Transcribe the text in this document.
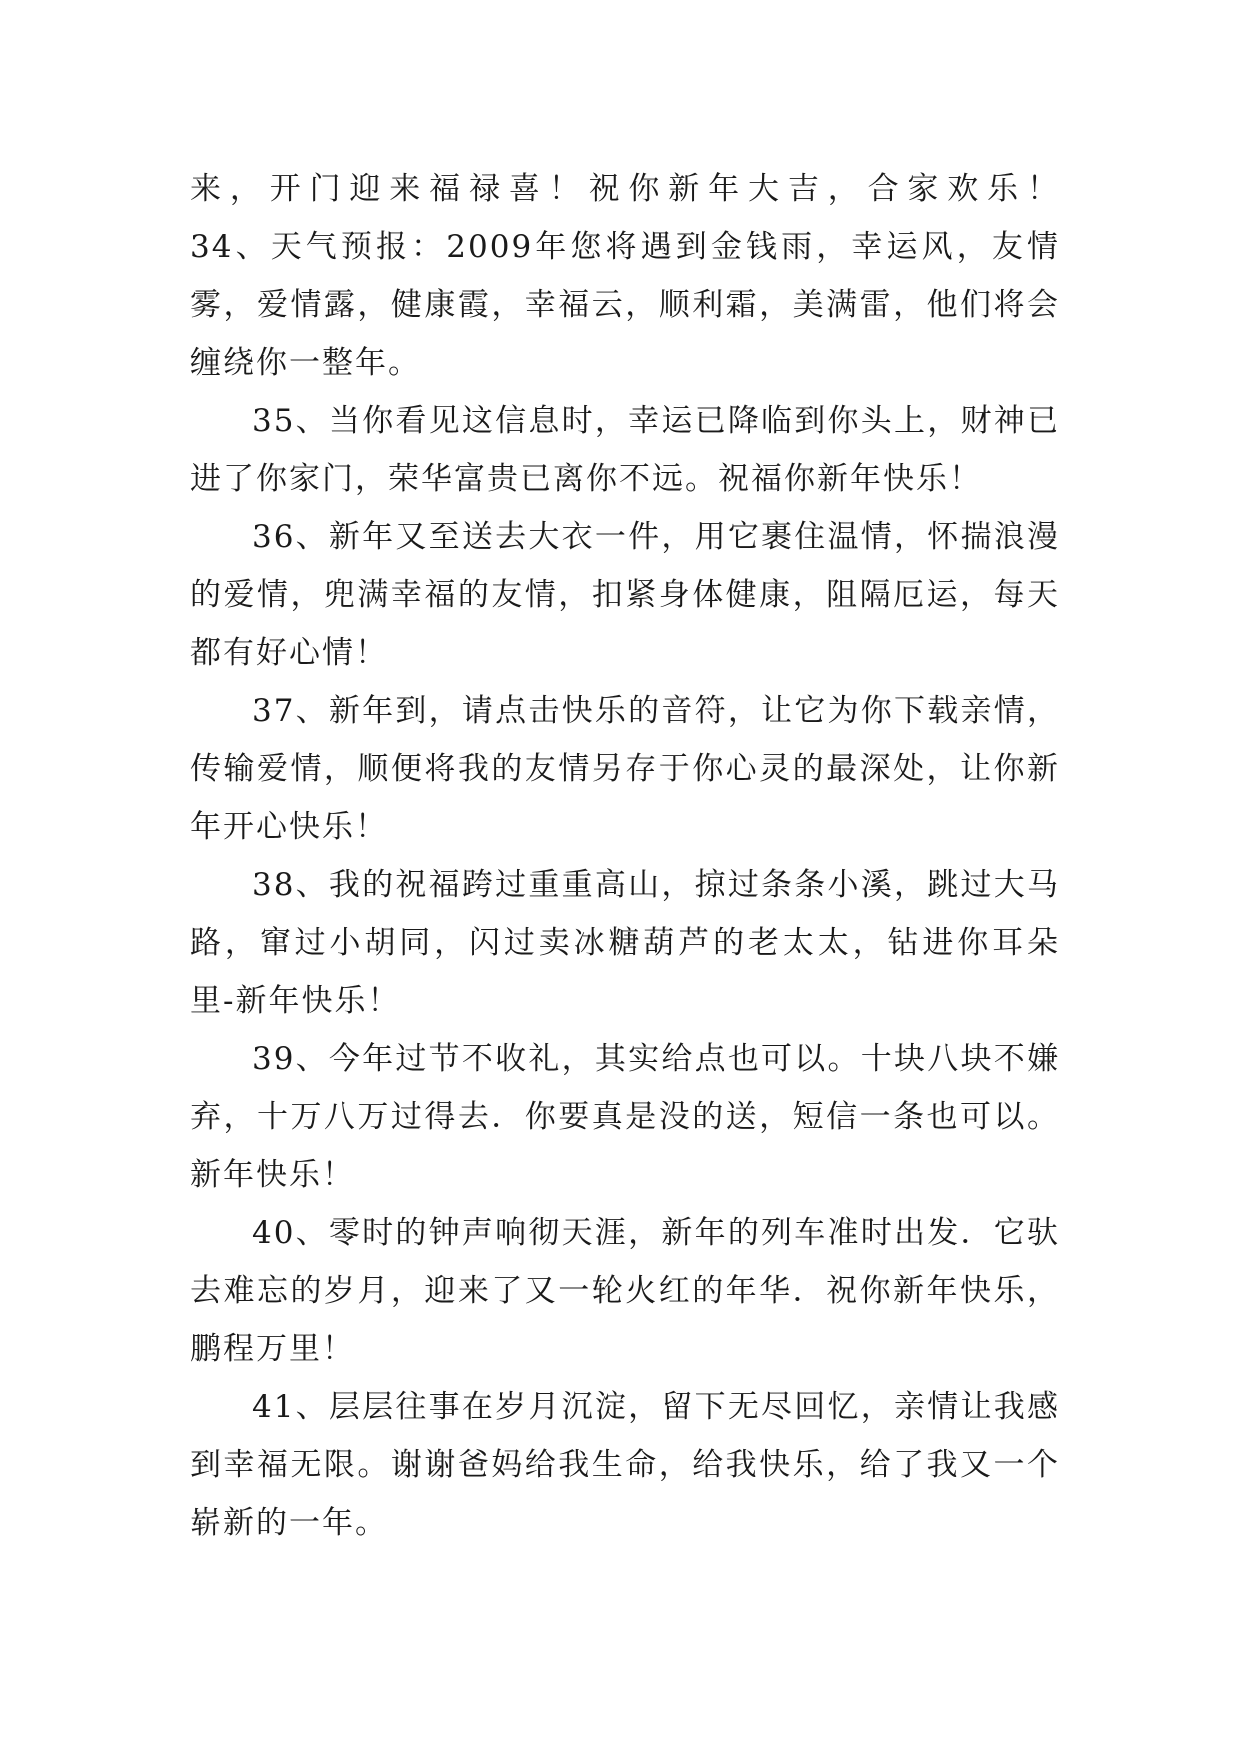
来，开门迎来福禄喜！祝你新年大吉，合家欢乐！　　　34、天气预报：2009年您将遇到金钱雨，幸运风，友情雾，爱情露，健康霞，幸福云，顺利霜，美满雷，他们将会缠绕你一整年。

35、当你看见这信息时，幸运已降临到你头上，财神已进了你家门，荣华富贵已离你不远。祝福你新年快乐！

36、新年又至送去大衣一件，用它裹住温情，怀揣浪漫的爱情，兜满幸福的友情，扣紧身体健康，阻隔厄运，每天都有好心情！

37、新年到，请点击快乐的音符，让它为你下载亲情，传输爱情，顺便将我的友情另存于你心灵的最深处，让你新年开心快乐！

38、我的祝福跨过重重高山，掠过条条小溪，跳过大马路，窜过小胡同，闪过卖冰糖葫芦的老太太，钻进你耳朵里-新年快乐！

39、今年过节不收礼，其实给点也可以。十块八块不嫌弃，十万八万过得去．你要真是没的送，短信一条也可以。新年快乐！

40、零时的钟声响彻天涯，新年的列车准时出发．它驮去难忘的岁月，迎来了又一轮火红的年华．祝你新年快乐，鹏程万里！

41、层层往事在岁月沉淀，留下无尽回忆，亲情让我感到幸福无限。谢谢爸妈给我生命，给我快乐，给了我又一个崭新的一年。
